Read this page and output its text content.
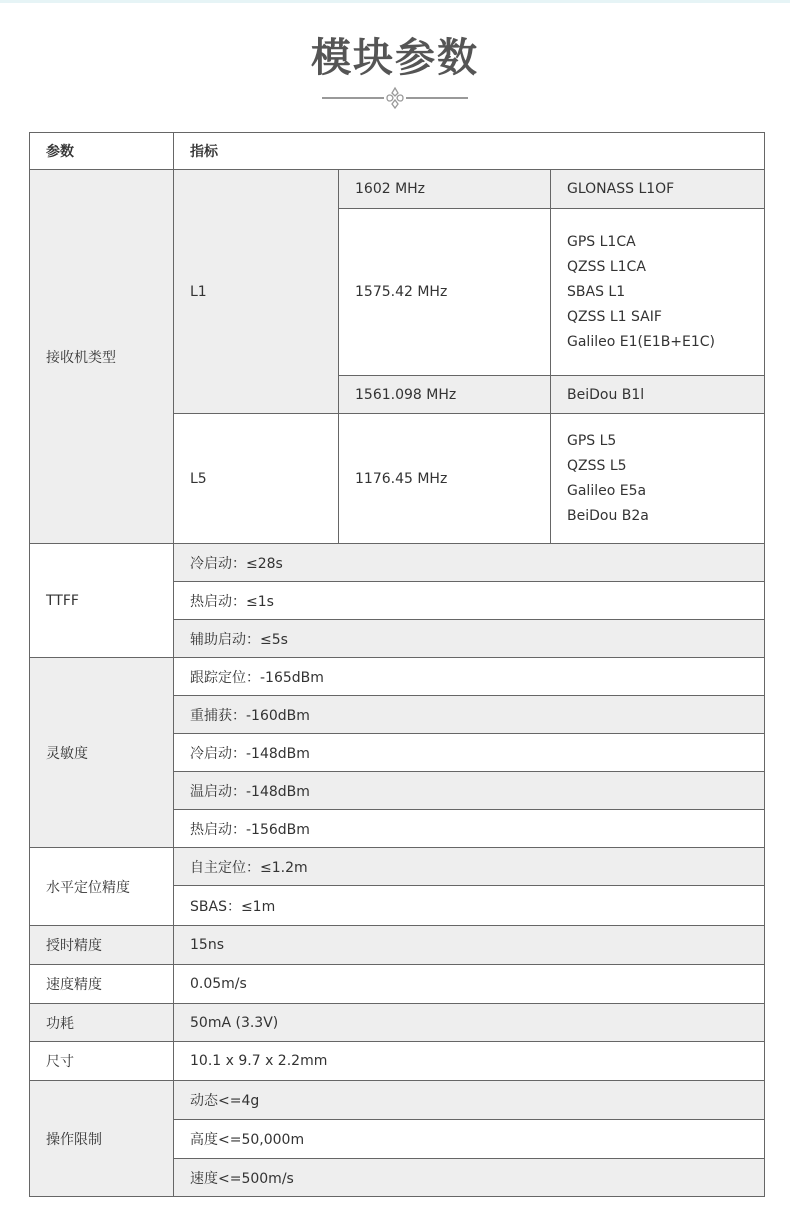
模块参数
参数	指标		
接收机类型	L1	1602 MHz	GLONASS L1OF
		1575.42 MHz	GPS L1CA
QZSS L1CA
SBAS L1
QZSS L1 SAIF
Galileo E1(E1B+E1C)

		1561.098 MHz	BeiDou B1l
	L5	1176.45 MHz	GPS L5
QZSS L5
Galileo E5a
BeiDou B2a

TTFF	冷启动：≤28s		
	热启动：≤1s		
	辅助启动：≤5s		
灵敏度	跟踪定位：-165dBm		
	重捕获：-160dBm		
	冷启动：-148dBm		
	温启动：-148dBm		
	热启动：-156dBm		
水平定位精度	自主定位：≤1.2m		
	SBAS：≤1m		
授时精度	15ns		
速度精度	0.05m/s		
功耗	50mA (3.3V)		
尺寸	10.1 x 9.7 x 2.2mm		
操作限制	动态<=4g		
	高度<=50,000m		
	速度<=500m/s		
